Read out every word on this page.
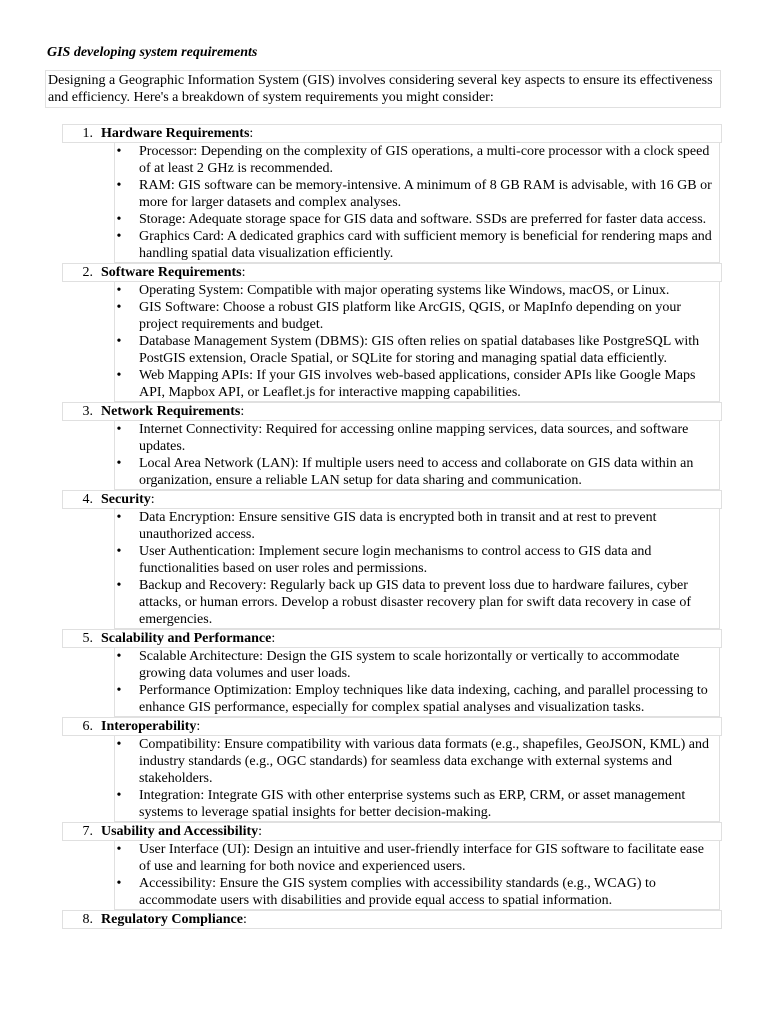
GIS developing system requirements
Designing a Geographic Information System (GIS) involves considering several key aspects to ensure its effectiveness and efficiency. Here's a breakdown of system requirements you might consider:
1.
Hardware Requirements:
• Processor: Depending on the complexity of GIS operations, a multi-core processor with a clock speed of at least 2 GHz is recommended.
• RAM: GIS software can be memory-intensive. A minimum of 8 GB RAM is advisable, with 16 GB or more for larger datasets and complex analyses.
• Storage: Adequate storage space for GIS data and software. SSDs are preferred for faster data access.
• Graphics Card: A dedicated graphics card with sufficient memory is beneficial for rendering maps and handling spatial data visualization efficiently.
2.
Software Requirements:
• Operating System: Compatible with major operating systems like Windows, macOS, or Linux.
• GIS Software: Choose a robust GIS platform like ArcGIS, QGIS, or MapInfo depending on your project requirements and budget.
• Database Management System (DBMS): GIS often relies on spatial databases like PostgreSQL with PostGIS extension, Oracle Spatial, or SQLite for storing and managing spatial data efficiently.
• Web Mapping APIs: If your GIS involves web-based applications, consider APIs like Google Maps API, Mapbox API, or Leaflet.js for interactive mapping capabilities.
3.
Network Requirements:
• Internet Connectivity: Required for accessing online mapping services, data sources, and software updates.
• Local Area Network (LAN): If multiple users need to access and collaborate on GIS data within an organization, ensure a reliable LAN setup for data sharing and communication.
4.
Security:
• Data Encryption: Ensure sensitive GIS data is encrypted both in transit and at rest to prevent unauthorized access.
• User Authentication: Implement secure login mechanisms to control access to GIS data and functionalities based on user roles and permissions.
• Backup and Recovery: Regularly back up GIS data to prevent loss due to hardware failures, cyber attacks, or human errors. Develop a robust disaster recovery plan for swift data recovery in case of emergencies.
5.
Scalability and Performance:
• Scalable Architecture: Design the GIS system to scale horizontally or vertically to accommodate growing data volumes and user loads.
• Performance Optimization: Employ techniques like data indexing, caching, and parallel processing to enhance GIS performance, especially for complex spatial analyses and visualization tasks.
6.
Interoperability:
• Compatibility: Ensure compatibility with various data formats (e.g., shapefiles, GeoJSON, KML) and industry standards (e.g., OGC standards) for seamless data exchange with external systems and stakeholders.
• Integration: Integrate GIS with other enterprise systems such as ERP, CRM, or asset management systems to leverage spatial insights for better decision-making.
7.
Usability and Accessibility:
• User Interface (UI): Design an intuitive and user-friendly interface for GIS software to facilitate ease of use and learning for both novice and experienced users.
• Accessibility: Ensure the GIS system complies with accessibility standards (e.g., WCAG) to accommodate users with disabilities and provide equal access to spatial information.
8.
Regulatory Compliance:
